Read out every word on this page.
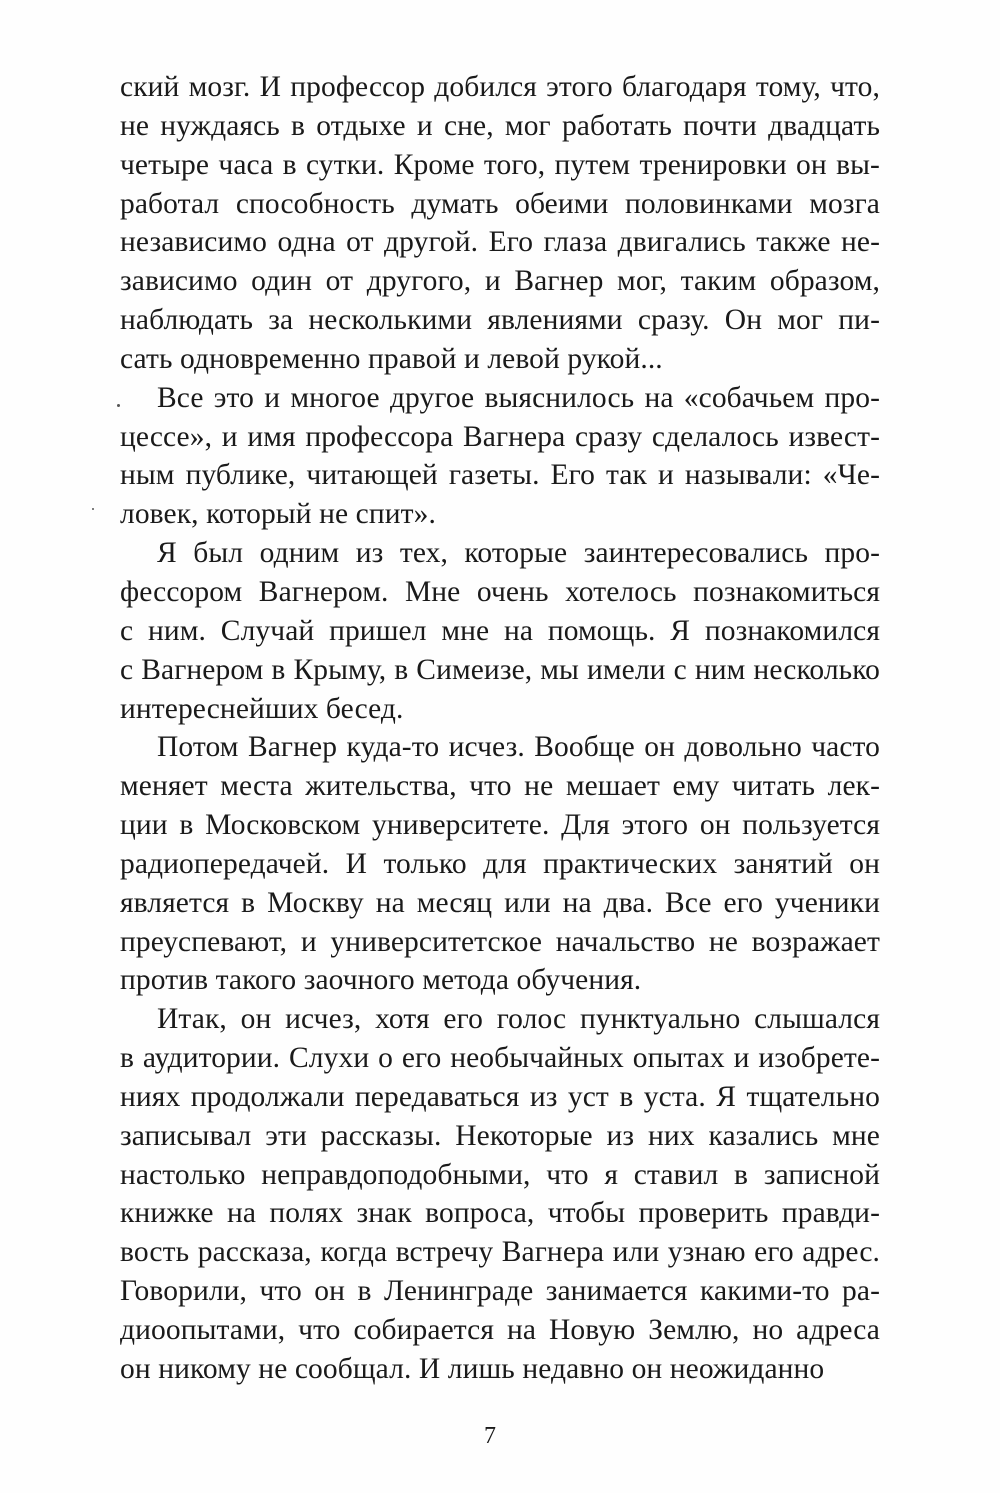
ский мозг. И профессор добился этого благодаря тому, что,
не нуждаясь в отдыхе и сне, мог работать почти двадцать
четыре часа в сутки. Кроме того, путем тренировки он вы-
работал способность думать обеими половинками мозга
независимо одна от другой. Его глаза двигались также не-
зависимо один от другого, и Вагнер мог, таким образом,
наблюдать за несколькими явлениями сразу. Он мог пи-
сать одновременно правой и левой рукой...
Все это и многое другое выяснилось на «собачьем про-
цессе», и имя профессора Вагнера сразу сделалось извест-
ным публике, читающей газеты. Его так и называли: «Че-
ловек, который не спит».
Я был одним из тех, которые заинтересовались про-
фессором Вагнером. Мне очень хотелось познакомиться
с ним. Случай пришел мне на помощь. Я познакомился
с Вагнером в Крыму, в Симеизе, мы имели с ним несколько
интереснейших бесед.
Потом Вагнер куда-то исчез. Вообще он довольно часто
меняет места жительства, что не мешает ему читать лек-
ции в Московском университете. Для этого он пользуется
радиопередачей. И только для практических занятий он
является в Москву на месяц или на два. Все его ученики
преуспевают, и университетское начальство не возражает
против такого заочного метода обучения.
Итак, он исчез, хотя его голос пунктуально слышался
в аудитории. Слухи о его необычайных опытах и изобрете-
ниях продолжали передаваться из уст в уста. Я тщательно
записывал эти рассказы. Некоторые из них казались мне
настолько неправдоподобными, что я ставил в записной
книжке на полях знак вопроса, чтобы проверить правди-
вость рассказа, когда встречу Вагнера или узнаю его адрес.
Говорили, что он в Ленинграде занимается какими-то ра-
диоопытами, что собирается на Новую Землю, но адреса
он никому не сообщал. И лишь недавно он неожиданно
7
